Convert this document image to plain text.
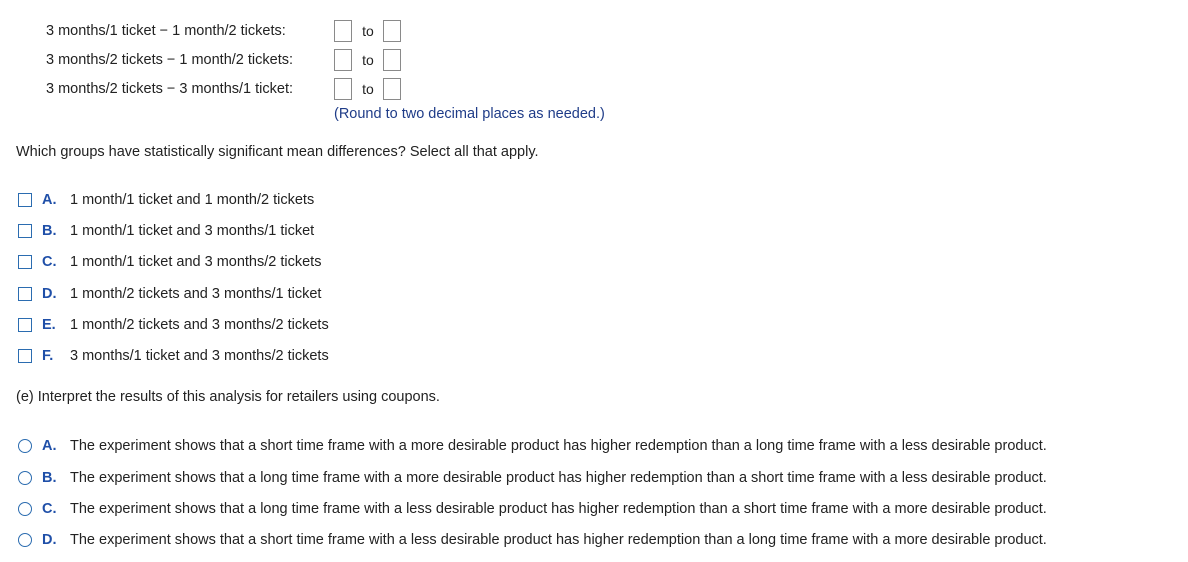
3 months/1 ticket − 1 month/2 tickets:	to
3 months/2 tickets − 1 month/2 tickets:	to
3 months/2 tickets − 3 months/1 ticket:	to
(Round to two decimal places as needed.)
Which groups have statistically significant mean differences? Select all that apply.
A. 1 month/1 ticket and 1 month/2 tickets
B. 1 month/1 ticket and 3 months/1 ticket
C. 1 month/1 ticket and 3 months/2 tickets
D. 1 month/2 tickets and 3 months/1 ticket
E. 1 month/2 tickets and 3 months/2 tickets
F.	3 months/1 ticket and 3 months/2 tickets
(e) Interpret the results of this analysis for retailers using coupons.
A. The experiment shows that a short time frame with a more desirable product has higher redemption than a long time frame with a less desirable product.
B. The experiment shows that a long time frame with a more desirable product has higher redemption than a short time frame with a less desirable product.
C. The experiment shows that a long time frame with a less desirable product has higher redemption than a short time frame with a more desirable product.
D. The experiment shows that a short time frame with a less desirable product has higher redemption than a long time frame with a more desirable product.
